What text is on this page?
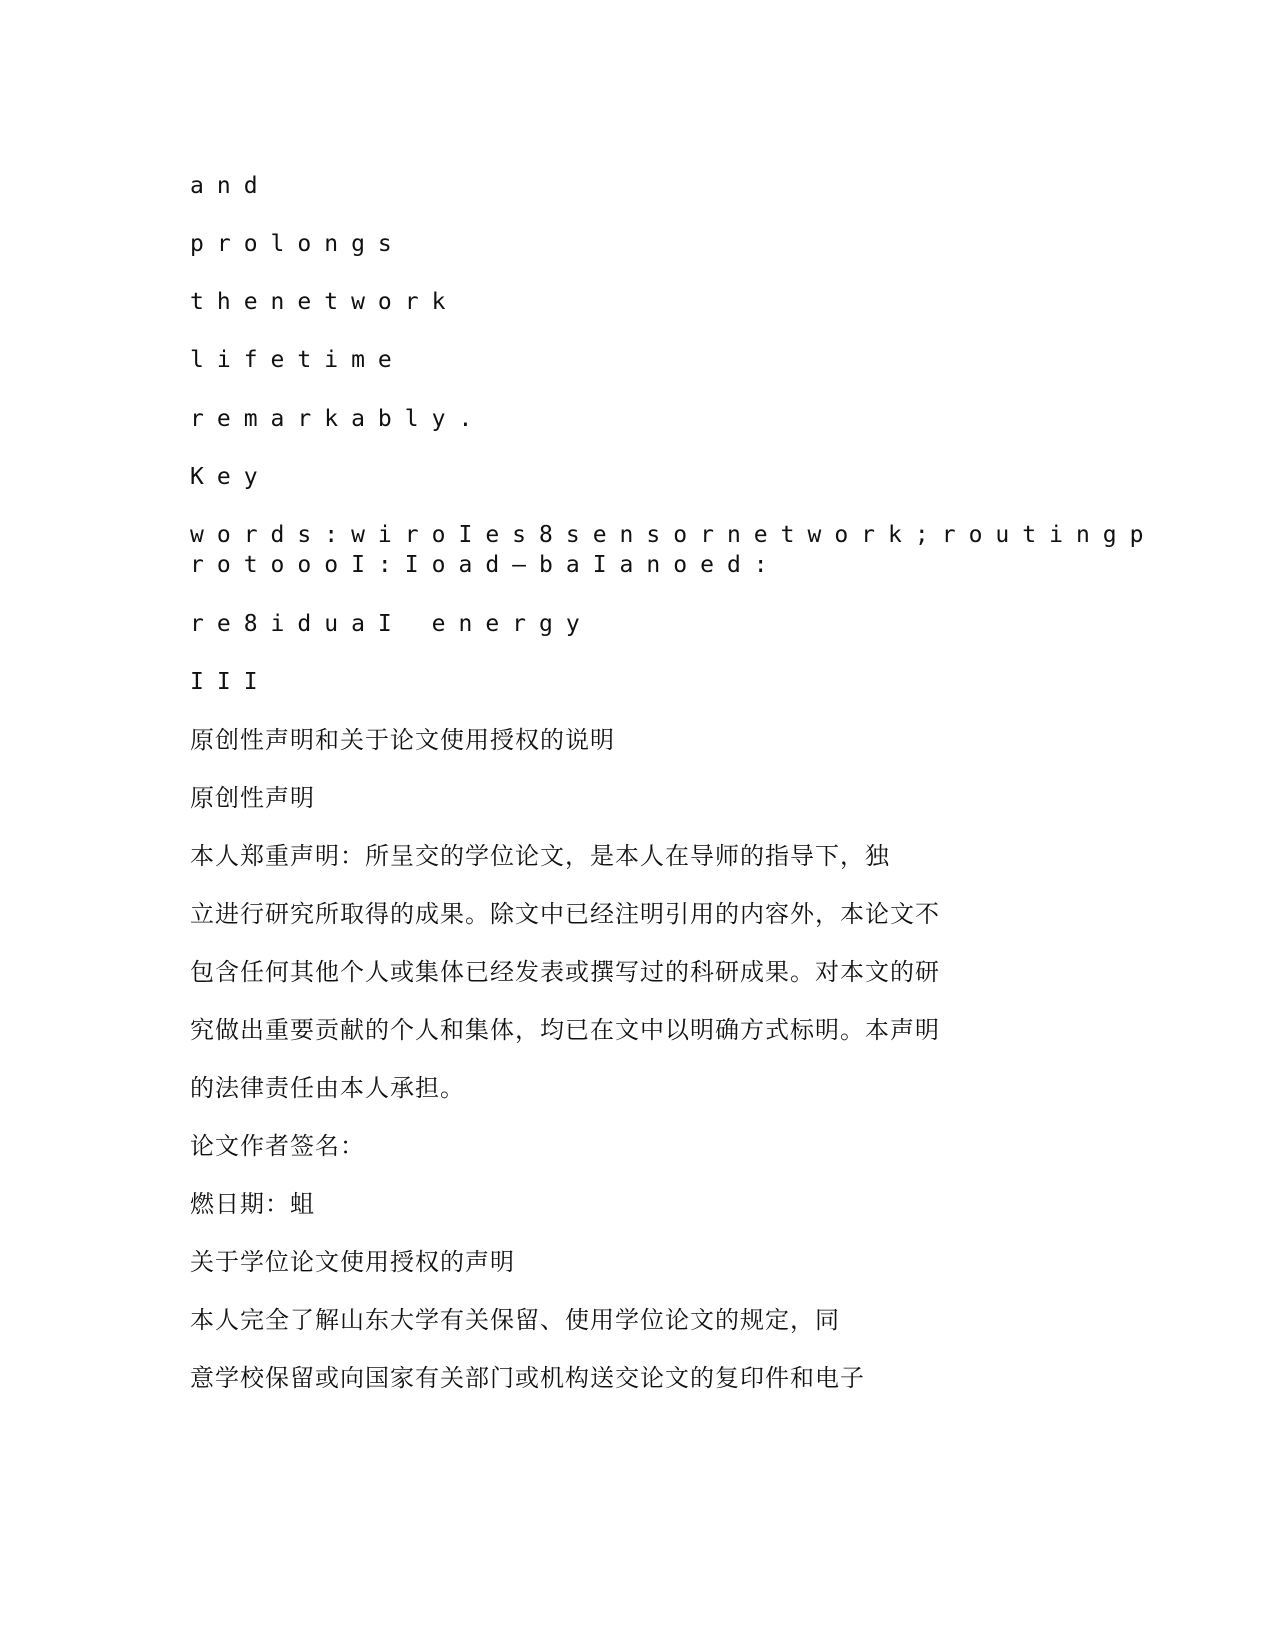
and
prolongs
thenetwork
lifetime
remarkably.
Key
words:wiroIes8sensornetwork;routingp
rotoooI:Ioad—baIanoed:
re8iduaI energy
III
原创性声明和关于论文使用授权的说明
原创性声明
本人郑重声明：所呈交的学位论文，是本人在导师的指导下，独
立进行研究所取得的成果。除文中已经注明引用的内容外，本论文不
包含任何其他个人或集体已经发表或撰写过的科研成果。对本文的研
究做出重要贡献的个人和集体，均已在文中以明确方式标明。本声明
的法律责任由本人承担。
论文作者签名：
燃日期：蛆
关于学位论文使用授权的声明
本人完全了解山东大学有关保留、使用学位论文的规定，同
意学校保留或向国家有关部门或机构送交论文的复印件和电子
